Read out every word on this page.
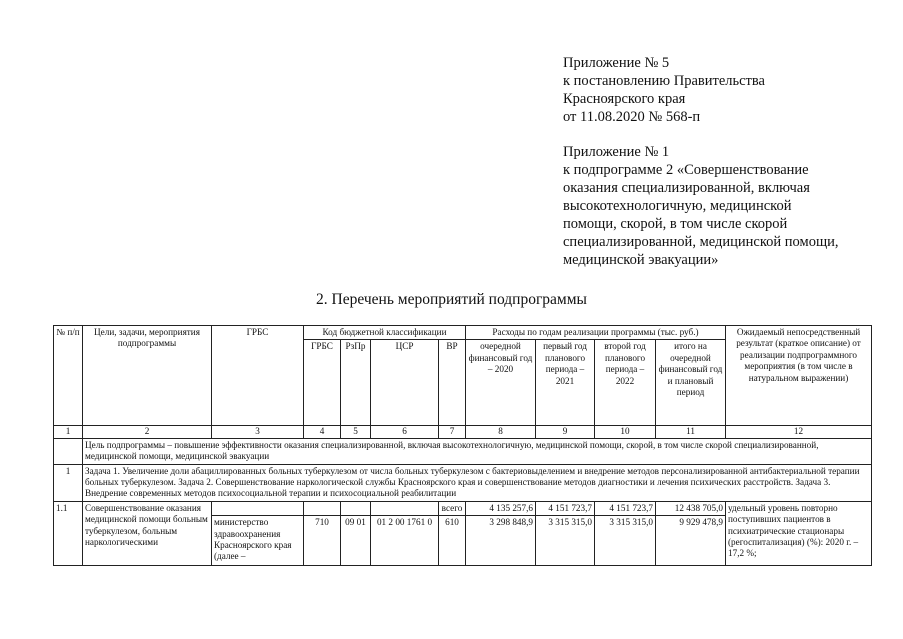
Приложение № 5

к постановлению Правительства

Красноярского края

от 11.08.2020 № 568-п

Приложение № 1

к подпрограмме 2 «Совершенствование

оказания специализированной, включая

высокотехнологичную, медицинской

помощи, скорой, в том числе скорой

специализированной, медицинской помощи,

медицинской эвакуации»

2. Перечень мероприятий подпрограммы
№ п/п	Цели, задачи, мероприятия подпрограммы	ГРБС	Код бюджетной классификации				Расходы по годам реализации программы (тыс. руб.)				Ожидаемый непосредственный результат (краткое описание) от реализации подпрограммного мероприятия (в том числе в натуральном выражении)
			ГРБС	РзПр	ЦСР	ВР	очередной финансовый год – 2020	первый год планового периода – 2021	второй год планового периода – 2022	итого на очередной финансовый год и плановый период	
1	2	3	4	5	6	7	8	9	10	11	12
	Цель подпрограммы – повышение эффективности оказания специализированной, включая высокотехнологичную, медицинской помощи, скорой, в том числе скорой специализированной, медицинской помощи, медицинской эвакуации										
1	Задача 1. Увеличение доли абациллированных больных туберкулезом от числа больных туберкулезом с бактериовыделением и внедрение методов персонализированной антибактериальной терапии больных туберкулезом. Задача 2. Совершенствование наркологической службы Красноярского края и совершенствование методов диагностики и лечения психических расстройств. Задача 3. Внедрение современных методов психосоциальной терапии и психосоциальной реабилитации										
1.1	Совершенствование оказания медицинской помощи больным туберкулезом, больным наркологическими					всего	4 135 257,6	4 151 723,7	4 151 723,7	12 438 705,0	удельный уровень повторно поступивших пациентов в психиатрические стационары (регоспитализация) (%): 2020 г. – 17,2 %;
		министерство здравоохранения Красноярского края (далее –	710	09 01	01 2 00 1761 0	610	3 298 848,9	3 315 315,0	3 315 315,0	9 929 478,9	
